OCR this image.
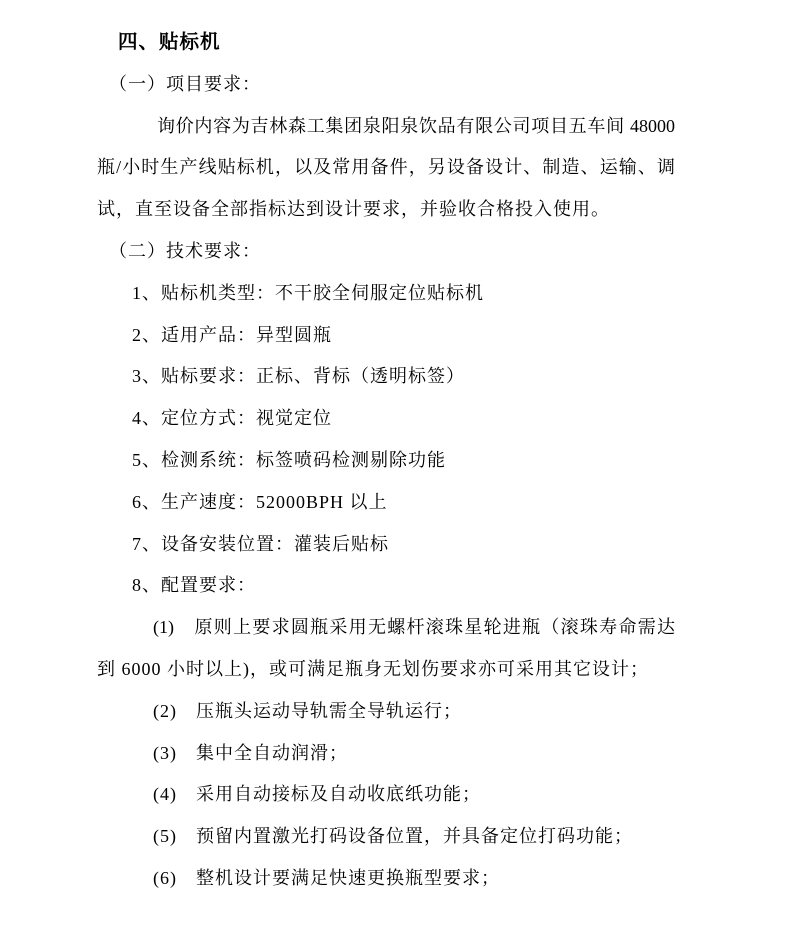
四、贴标机
（一）项目要求：
询价内容为吉林森工集团泉阳泉饮品有限公司项目五车间 48000
瓶/小时生产线贴标机，以及常用备件，另设备设计、制造、运输、调
试，直至设备全部指标达到设计要求，并验收合格投入使用。
（二）技术要求：
1、贴标机类型：不干胶全伺服定位贴标机
2、适用产品：异型圆瓶
3、贴标要求：正标、背标（透明标签）
4、定位方式：视觉定位
5、检测系统：标签喷码检测剔除功能
6、生产速度：52000BPH 以上
7、设备安装位置：灌装后贴标
8、配置要求：
(1)　原则上要求圆瓶采用无螺杆滚珠星轮进瓶（滚珠寿命需达
到 6000 小时以上)，或可满足瓶身无划伤要求亦可采用其它设计；
(2)　压瓶头运动导轨需全导轨运行；
(3)　集中全自动润滑；
(4)　采用自动接标及自动收底纸功能；
(5)　预留内置激光打码设备位置，并具备定位打码功能；
(6)　整机设计要满足快速更换瓶型要求；
